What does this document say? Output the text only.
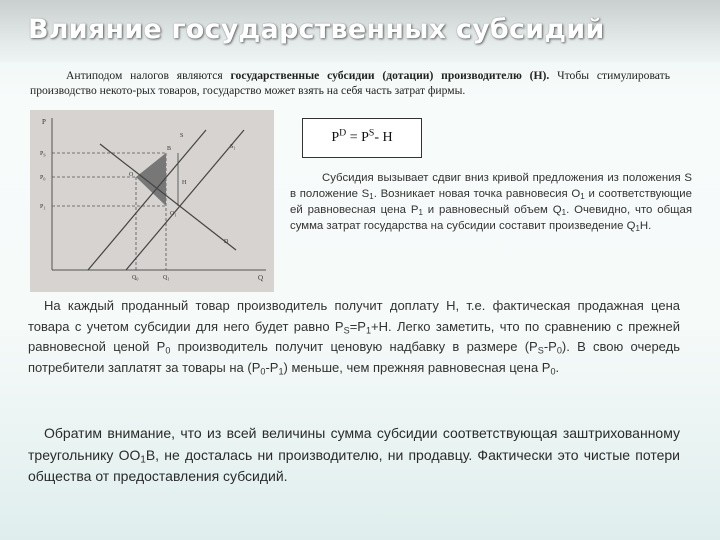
Влияние государственных субсидий
Антиподом налогов являются государственные субсидии (дотации) производителю (Н). Чтобы стимулировать производство некото-рых товаров, государство может взять на себя часть затрат фирмы.
P
$P_S$
$P_0$
$P_1$
S
$S_1$
B
H
O
$O_1$
D
$Q_0$	$Q_1$	Q
$P^D = P^S-$ H
Субсидия вызывает сдвиг вниз кривой предложения из положения S в положение $S_1$. Возникает новая точка равновесия $O_1$ и соответствующие ей равновесная цена $P_1$ и равновесный объем $Q_1$. Очевидно, что общая сумма затрат государства на субсидии составит произведение $Q_1H$.
На каждый проданный товар производитель получит доплату H, т.е. фактическая продажная цена товара с учетом субсидии для него будет равно $P_S=P_1+H$. Легко заметить, что по сравнению с прежней равновесной ценой $P_0$ производитель получит ценовую надбавку в размере $(P_S-P_0)$. В свою очередь потребители заплатят за товары на $(P_0-P_1)$ меньше, чем прежняя равновесная цена $P_0$.
Обратим внимание, что из всей величины сумма субсидии соответствующая заштрихованному треугольнику $OO_1B$, не досталась ни производителю, ни продавцу. Фактически это чистые потери общества от предоставления субсидий.
